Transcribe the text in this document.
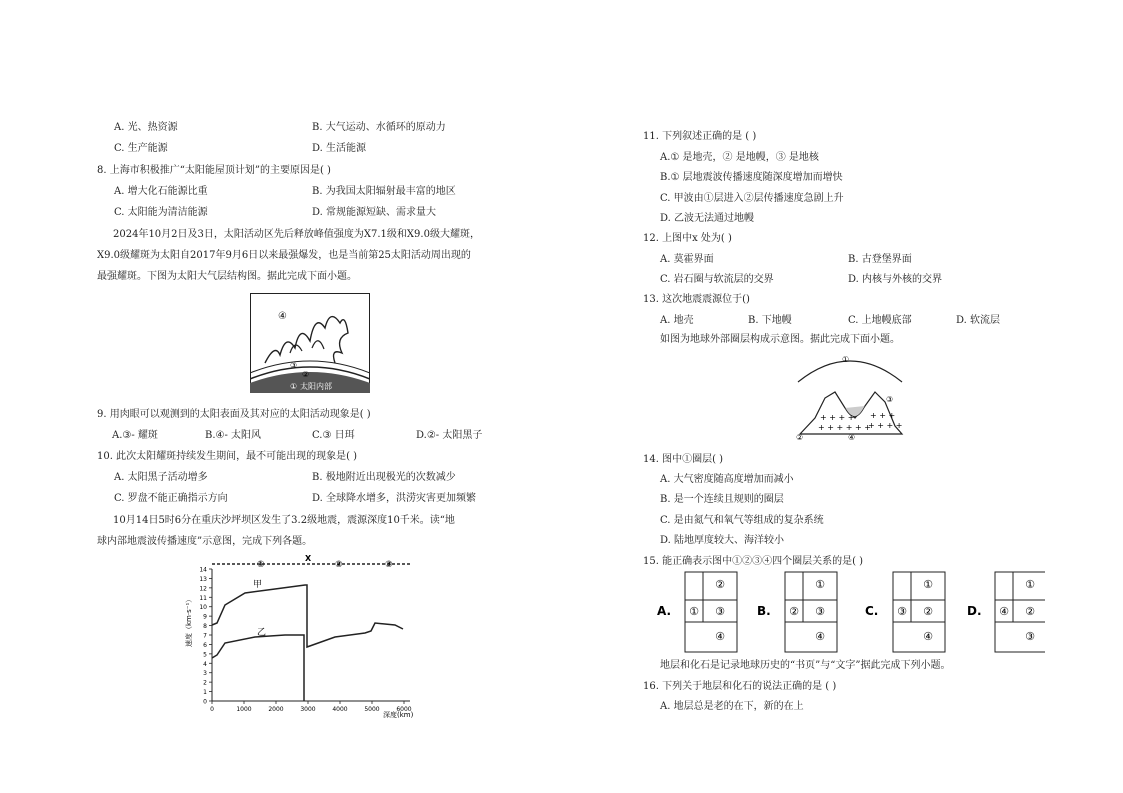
A. 光、热资源	B. 大气运动、水循环的原动力
C. 生产能源	D. 生活能源
8. 上海市积极推广“太阳能屋顶计划”的主要原因是( )
A. 增大化石能源比重	B. 为我国太阳辐射最丰富的地区
C. 太阳能为清洁能源	D. 常规能源短缺、需求量大
2024年10月2日及3日，太阳活动区先后释放峰值强度为X7.1级和X9.0级大耀斑，
X9.0级耀斑为太阳自2017年9月6日以来最强爆发，也是当前第25太阳活动周出现的
最强耀斑。下图为太阳大气层结构图。据此完成下面小题。
④
③
②
① 太阳内部
9. 用肉眼可以观测到的太阳表面及其对应的太阳活动现象是( )
A.③- 耀斑	B.④- 太阳风	C.③ 日珥	D.②- 太阳黑子
10. 此次太阳耀斑持续发生期间，最不可能出现的现象是( )
A. 太阳黑子活动增多	B. 极地附近出现极光的次数减少
C. 罗盘不能正确指示方向	D. 全球降水增多，洪涝灾害更加频繁
10月14日5时6分在重庆沙坪坝区发生了3.2级地震，震源深度10千米。读“地
球内部地震波传播速度”示意图，完成下列各题。
①
X
②	③
0
1
2
3
4
5
6
7
8
9
10
11
12
13
14
0	1000	2000	3000	4000	5000	6000
甲
乙
速度（km·s⁻¹）
深度(km)
11. 下列叙述正确的是 ( )
A.① 是地壳，② 是地幔，③ 是地核
B.① 层地震波传播速度随深度增加而增快
C. 甲波由①层进入②层传播速度急剧上升
D. 乙波无法通过地幔
12. 上图中x 处为( )
A. 莫霍界面	B. 古登堡界面
C. 岩石圈与软流层的交界	D. 内核与外核的交界
13. 这次地震震源位于()
A. 地壳	B. 下地幔	C. 上地幔底部	D. 软流层
如图为地球外部圈层构成示意图。据此完成下面小题。
①
+ + + +
+ + + + + +
+ + +
+ + + +
②
③
④
14. 图中①圈层( )
A. 大气密度随高度增加而减小
B. 是一个连续且规则的圈层
C. 是由氮气和氧气等组成的复杂系统
D. 陆地厚度较大、海洋较小
15. 能正确表示图中①②③④四个圈层关系的是( )
A. ①
②
③
④
B. ②
①
③
④
C. ③
①
②
④
D. ④
①
②
③
地层和化石是记录地球历史的“书页”与“文字”据此完成下列小题。
16. 下列关于地层和化石的说法正确的是 ( )
A. 地层总是老的在下，新的在上
